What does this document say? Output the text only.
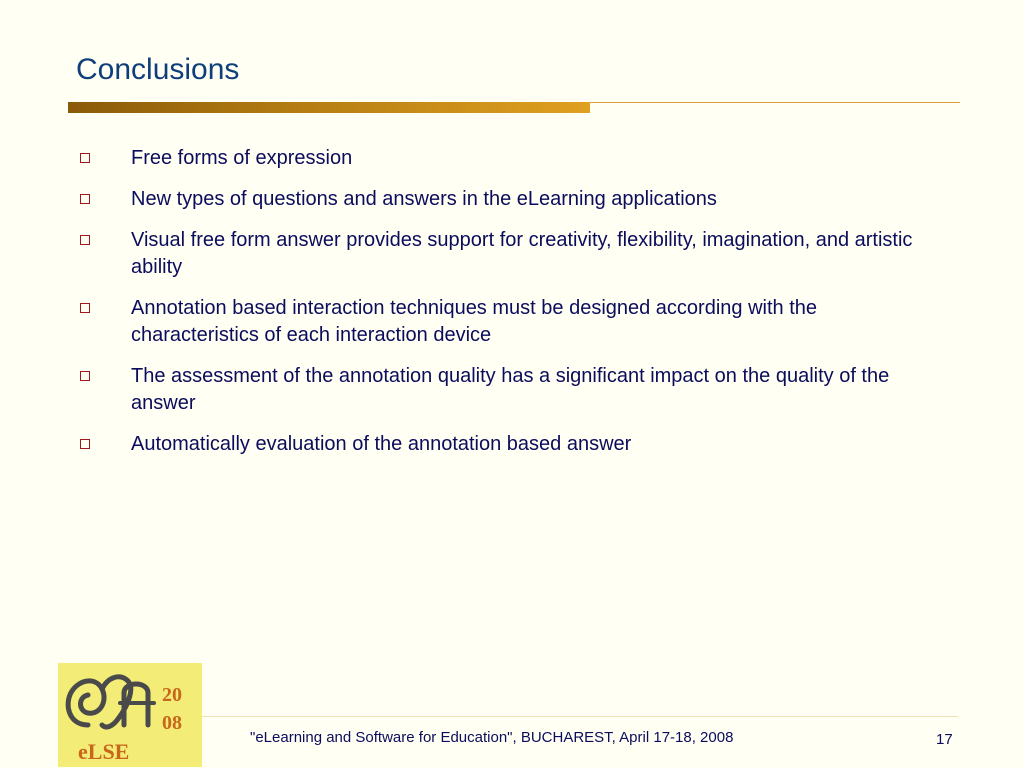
Conclusions
Free forms of expression
New types of questions and answers in the eLearning applications
Visual free form answer provides support for creativity, flexibility, imagination, and artistic ability
Annotation based interaction techniques must be designed according with the characteristics of each interaction device
The assessment of the annotation quality has a significant impact on the quality of the answer
Automatically evaluation of the annotation based answer
20
08
eLSE
"eLearning and Software for Education", BUCHAREST, April 17-18, 2008	17
